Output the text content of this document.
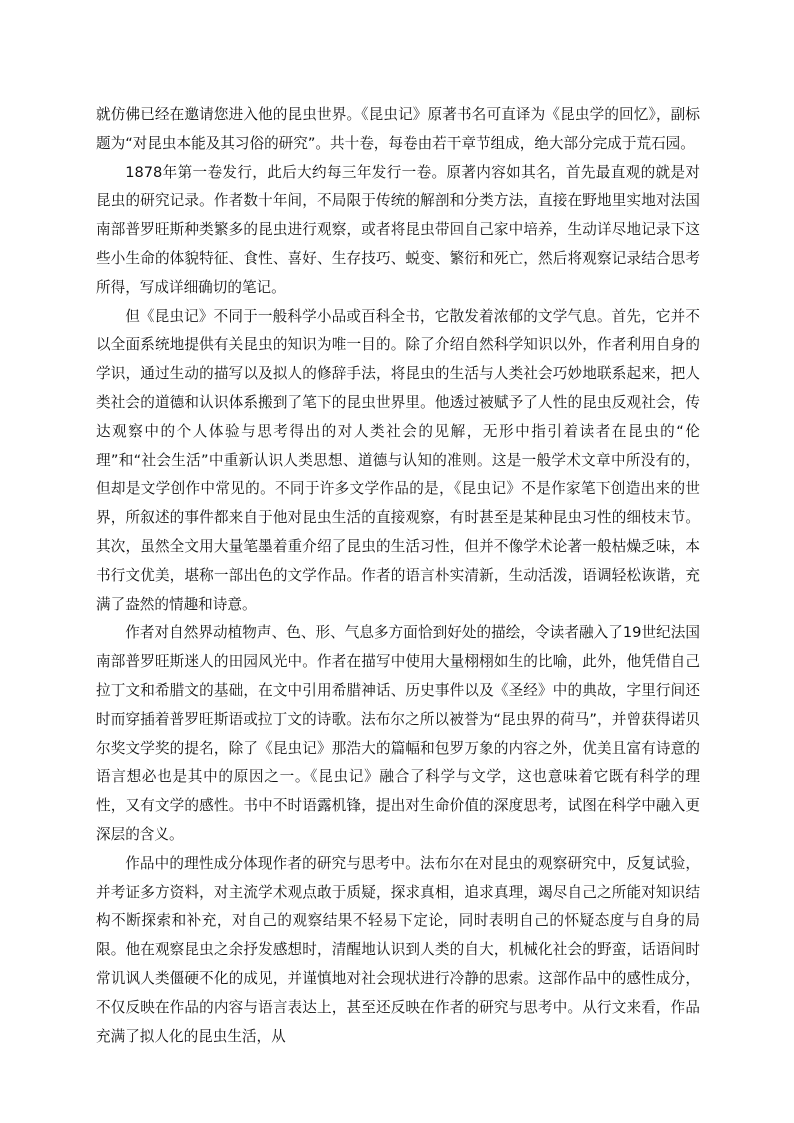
就仿佛已经在邀请您进入他的昆虫世界。《昆虫记》原著书名可直译为《昆虫学的回忆》，副标题为“对昆虫本能及其习俗的研究”。共十卷，每卷由若干章节组成，绝大部分完成于荒石园。

1878年第一卷发行，此后大约每三年发行一卷。原著内容如其名，首先最直观的就是对昆虫的研究记录。作者数十年间，不局限于传统的解剖和分类方法，直接在野地里实地对法国南部普罗旺斯种类繁多的昆虫进行观察，或者将昆虫带回自己家中培养，生动详尽地记录下这些小生命的体貌特征、食性、喜好、生存技巧、蜕变、繁衍和死亡，然后将观察记录结合思考所得，写成详细确切的笔记。

但《昆虫记》不同于一般科学小品或百科全书，它散发着浓郁的文学气息。首先，它并不以全面系统地提供有关昆虫的知识为唯一目的。除了介绍自然科学知识以外，作者利用自身的学识，通过生动的描写以及拟人的修辞手法，将昆虫的生活与人类社会巧妙地联系起来，把人类社会的道德和认识体系搬到了笔下的昆虫世界里。他透过被赋予了人性的昆虫反观社会，传达观察中的个人体验与思考得出的对人类社会的见解，无形中指引着读者在昆虫的“伦理”和“社会生活”中重新认识人类思想、道德与认知的准则。这是一般学术文章中所没有的，但却是文学创作中常见的。不同于许多文学作品的是，《昆虫记》不是作家笔下创造出来的世界，所叙述的事件都来自于他对昆虫生活的直接观察，有时甚至是某种昆虫习性的细枝末节。其次，虽然全文用大量笔墨着重介绍了昆虫的生活习性，但并不像学术论著一般枯燥乏味，本书行文优美，堪称一部出色的文学作品。作者的语言朴实清新，生动活泼，语调轻松诙谐，充满了盎然的情趣和诗意。

作者对自然界动植物声、色、形、气息多方面恰到好处的描绘，令读者融入了19世纪法国南部普罗旺斯迷人的田园风光中。作者在描写中使用大量栩栩如生的比喻，此外，他凭借自己拉丁文和希腊文的基础，在文中引用希腊神话、历史事件以及《圣经》中的典故，字里行间还时而穿插着普罗旺斯语或拉丁文的诗歌。法布尔之所以被誉为“昆虫界的荷马”，并曾获得诺贝尔奖文学奖的提名，除了《昆虫记》那浩大的篇幅和包罗万象的内容之外，优美且富有诗意的语言想必也是其中的原因之一。《昆虫记》融合了科学与文学，这也意味着它既有科学的理性，又有文学的感性。书中不时语露机锋，提出对生命价值的深度思考，试图在科学中融入更深层的含义。

作品中的理性成分体现作者的研究与思考中。法布尔在对昆虫的观察研究中，反复试验，并考证多方资料，对主流学术观点敢于质疑，探求真相，追求真理，竭尽自己之所能对知识结构不断探索和补充，对自己的观察结果不轻易下定论，同时表明自己的怀疑态度与自身的局限。他在观察昆虫之余抒发感想时，清醒地认识到人类的自大，机械化社会的野蛮，话语间时常讥讽人类僵硬不化的成见，并谨慎地对社会现状进行冷静的思索。这部作品中的感性成分，不仅反映在作品的内容与语言表达上，甚至还反映在作者的研究与思考中。从行文来看，作品充满了拟人化的昆虫生活，从
